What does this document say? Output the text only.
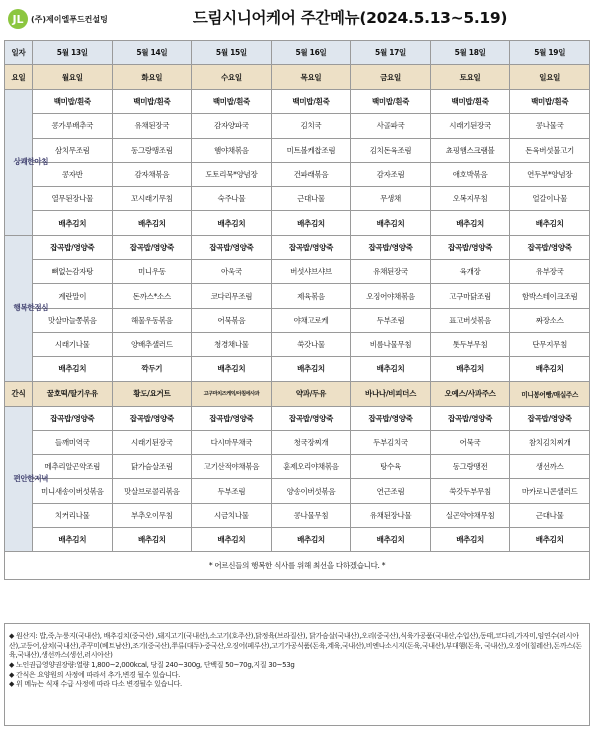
JL (주)제이엘푸드컨설팅	드림시니어케어 주간메뉴(2024.5.13~5.19)
일자	5월 13일	5월 14일	5월 15일	5월 16일	5월 17일	5월 18일	5월 19일
요일	월요일	화요일	수요일	목요일	금요일	토요일	일요일

상쾌한아침	백미밥/흰죽	백미밥/흰죽	백미밥/흰죽	백미밥/흰죽	백미밥/흰죽	백미밥/흰죽	백미밥/흰죽
	콩가루배추국	유채된장국	감자양파국	김치국	사골파국	시래기된장국	콩나물국
	삼치무조림	동그랑땡조림	햄야채볶음	미트볼케찹조림	김치돈육조림	쵸핑햄스크램블	돈육버섯불고기
	콩자반	감자채볶음	도토리묵*양념장	건파래볶음	감자조림	애호박볶음	연두부*양념장
	열무된장나물	꼬시래기무침	숙주나물	근대나물	무생채	오복지무침	얼갈이나물
	배추김치	배추김치	배추김치	배추김치	배추김치	배추김치	배추김치

행복한점심	잡곡밥/영양죽	잡곡밥/영양죽	잡곡밥/영양죽	잡곡밥/영양죽	잡곡밥/영양죽	잡곡밥/영양죽	잡곡밥/영양죽
	뼈없는감자탕	미니우동	아욱국	버섯샤브샤브	유채된장국	육개장	유부장국
	계란말이	돈까스*소스	코다리무조림	제육볶음	오징어야채볶음	고구마닭조림	함박스테이크조림
	맛살마늘쫑볶음	해물우동볶음	어묵볶음	야채고로케	두부조림	표고버섯볶음	짜장소스
	시래기나물	양배추샐러드	청경채나물	쑥갓나물	비름나물무침	톳두부무침	단무지무침
	배추김치	깍두기	배추김치	배추김치	배추김치	배추김치	배추김치
간식	꿀호떡/딸기우유	황도/요거트	고구마치즈케익/아침에사과	약과/두유	바나나/비피더스	오예스/사과주스	미니봉어빵/매실주스

편안한저녁	잡곡밥/영양죽	잡곡밥/영양죽	잡곡밥/영양죽	잡곡밥/영양죽	잡곡밥/영양죽	잡곡밥/영양죽	잡곡밥/영양죽
	들깨미역국	시래기된장국	다시마무채국	청국장찌개	두부김치국	어묵국	참치김치찌개
	메추리알곤약조림	닭가슴살조림	고기산적야채볶음	훈제오리야채볶음	탕수육	동그랑땡전	생선까스
	미니새송이버섯볶음	맛살브로콜리볶음	두부조림	양송이버섯볶음	연근조림	쑥갓두부무침	마카로니콘샐러드
	치커리나물	부추오이무침	시금치나물	콩나물무침	유채된장나물	실곤약야채무침	근대나물
	배추김치	배추김치	배추김치	배추김치	배추김치	배추김치	배추김치
* 어르신들의 행복한 식사를 위해 최선을 다하겠습니다. *							

◆ 원산지: 밥,죽,누룽지(국내산), 배추김치(중국산) ,돼지고기(국내산),소고기(호주산),닭정육(브라질산), 닭가슴살(국내산),오리(중국산),식육가공품(국내산,수입산),동태,코다리,가자미,임연수(러시아산),고등어,삼치(국내산),주꾸미(베트남산),조기(중국산),쭈류(대두)-중국산,오징어(페루산),고기가공식품(돈육,계육,국내산),비엔나소시지(돈육,국내산),부대햄(돈육, 국내산),오징어(칠레산),돈까스(돈육,국내산),생선까스(생선,러시아산)

◆ 노인권급영양권장량:열량 1,800~2,000kcal, 당질 240~300g, 단백질 50~70g,지질 30~53g

◆ 간식은 요양원의 사정에 따라서 추가,변경 될수 있습니다.

◆ 위 메뉴는 식재 수급 사정에 따라 다소 변경될수 있습니다.
